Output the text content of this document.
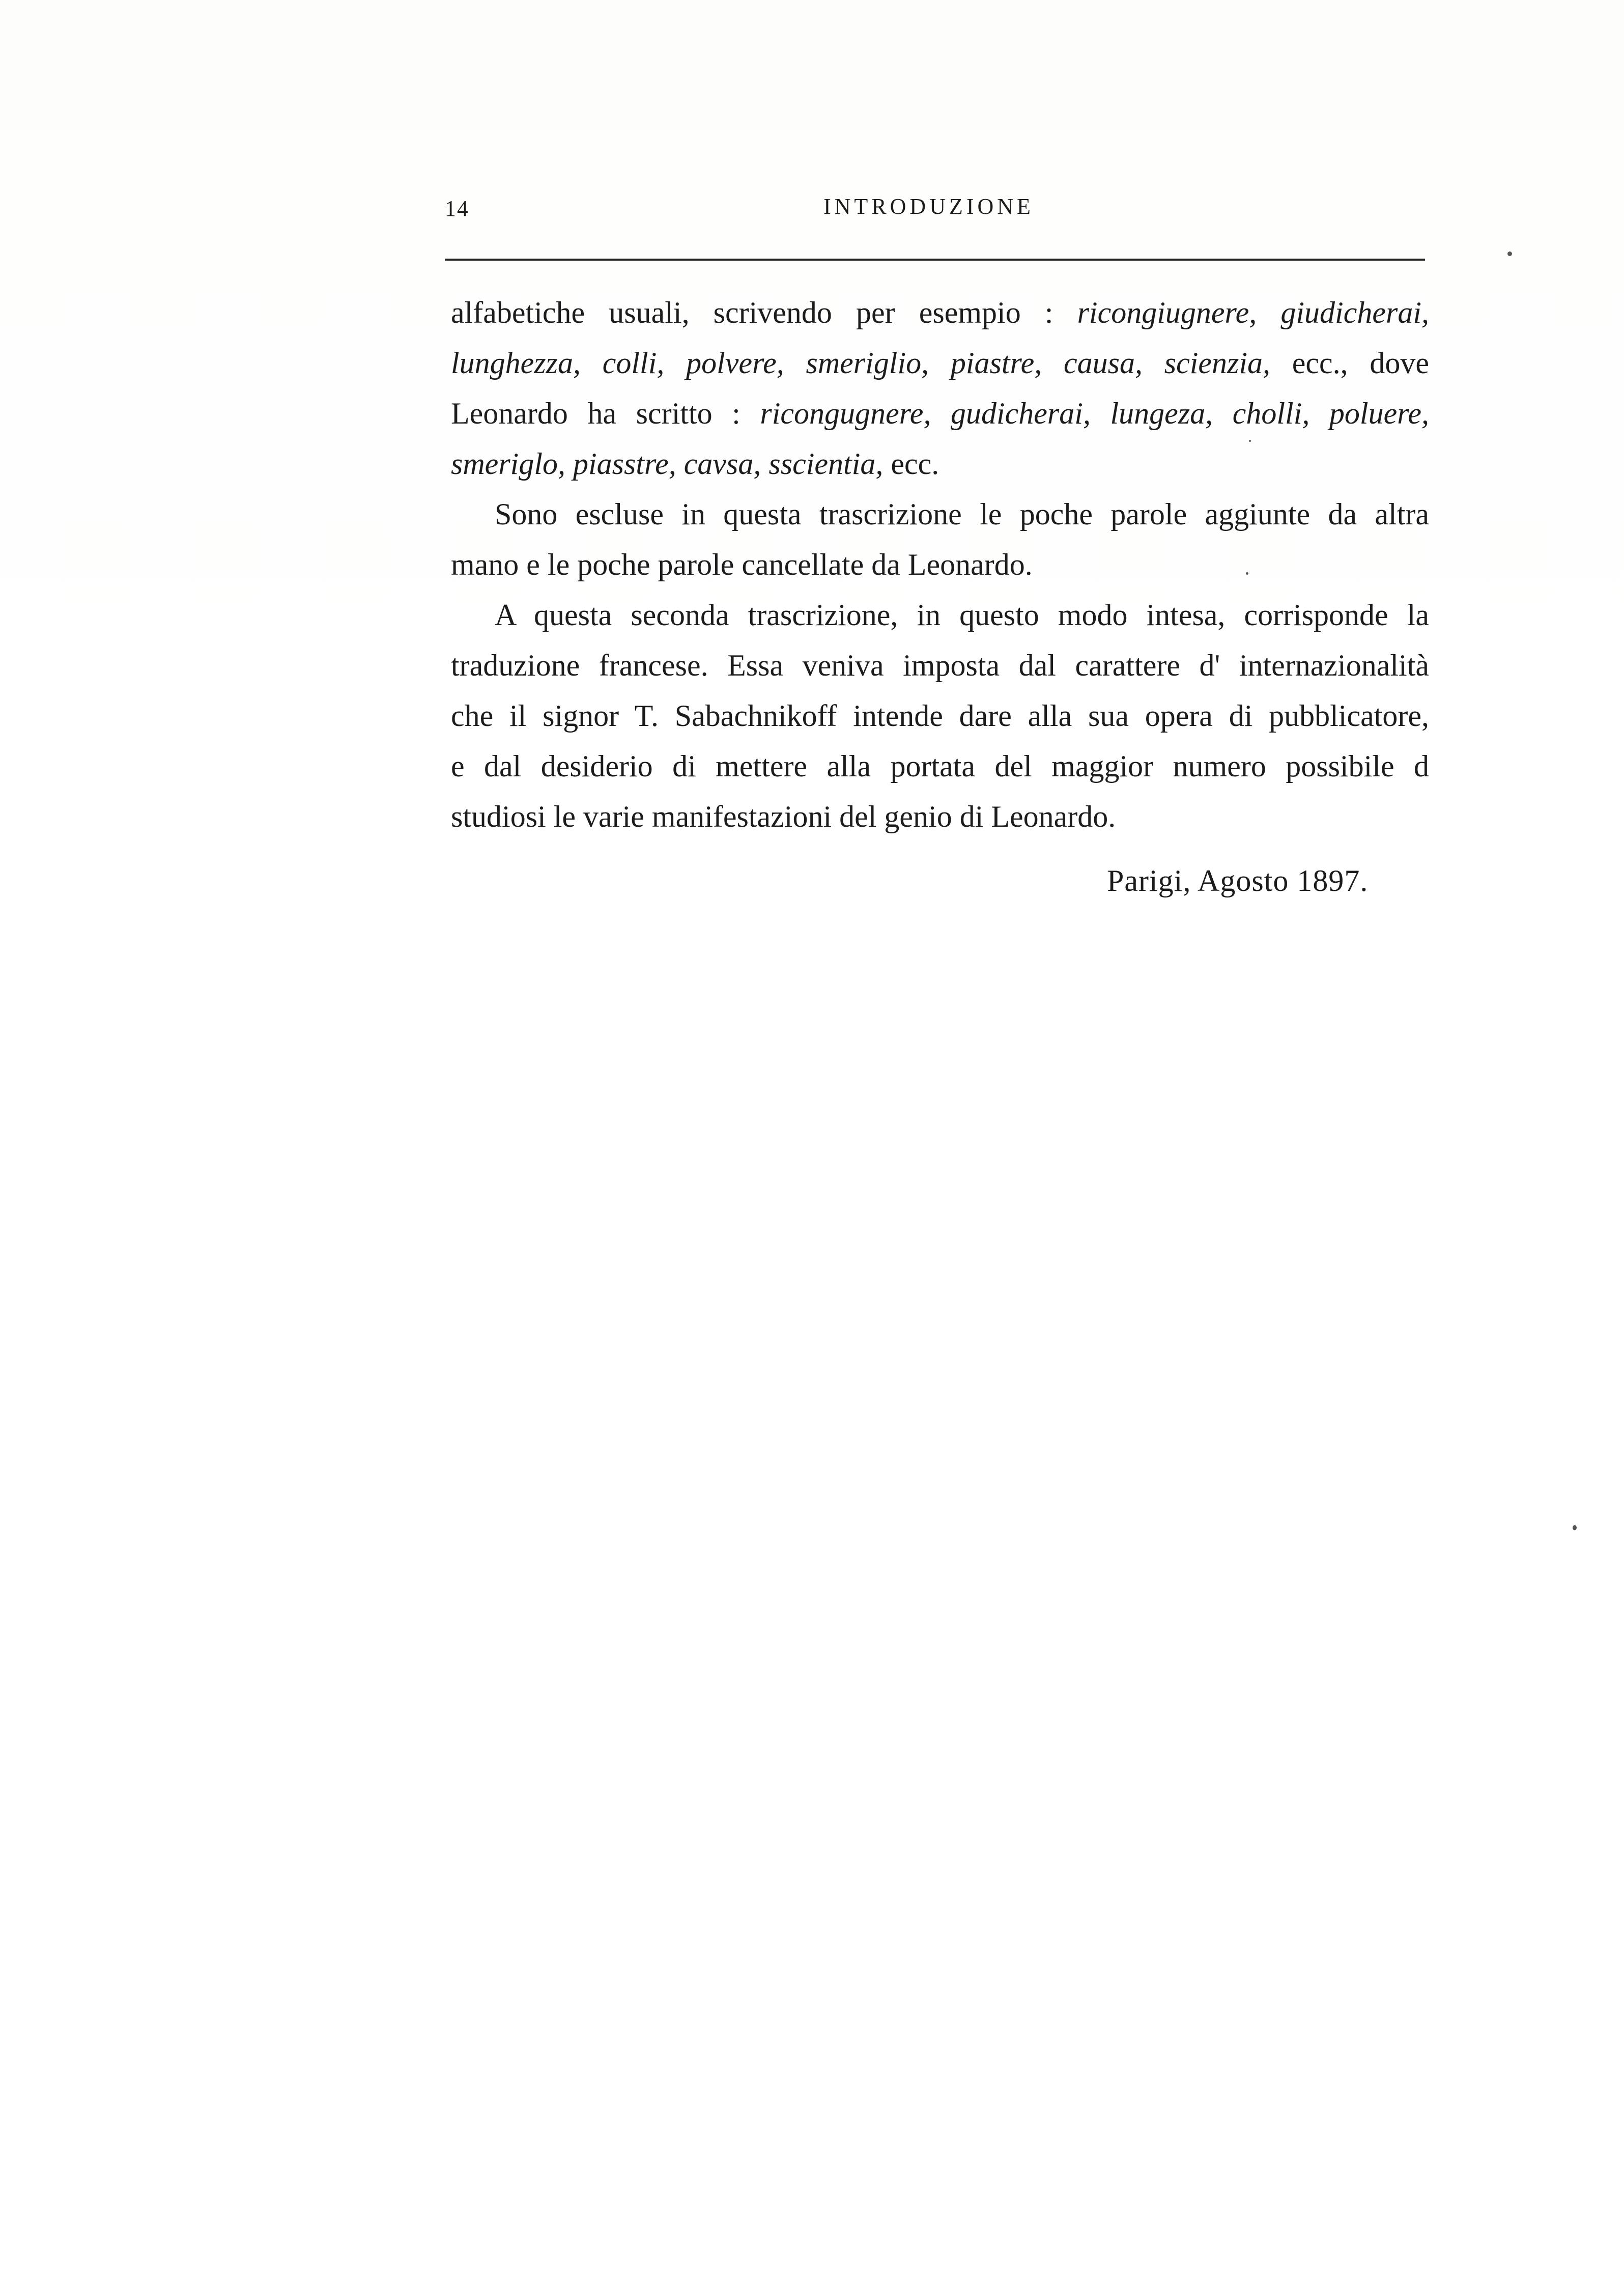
14	INTRODUZIONE

alfabetiche usuali, scrivendo per esempio : ricongiugnere, giudicherai,
lunghezza, colli, polvere, smeriglio, piastre, causa, scienzia, ecc., dove
Leonardo ha scritto : ricongugnere, gudicherai, lungeza, cholli, poluere,
smeriglo, piasstre, cavsa, sscientia, ecc.

Sono escluse in questa trascrizione le poche parole aggiunte da altra
mano e le poche parole cancellate da Leonardo.

A questa seconda trascrizione, in questo modo intesa, corrisponde la
traduzione francese. Essa veniva imposta dal carattere d' internazionalità
che il signor T. Sabachnikoff intende dare alla sua opera di pubblicatore,
e dal desiderio di mettere alla portata del maggior numero possibile d
studiosi le varie manifestazioni del genio di Leonardo.

Parigi, Agosto 1897.
